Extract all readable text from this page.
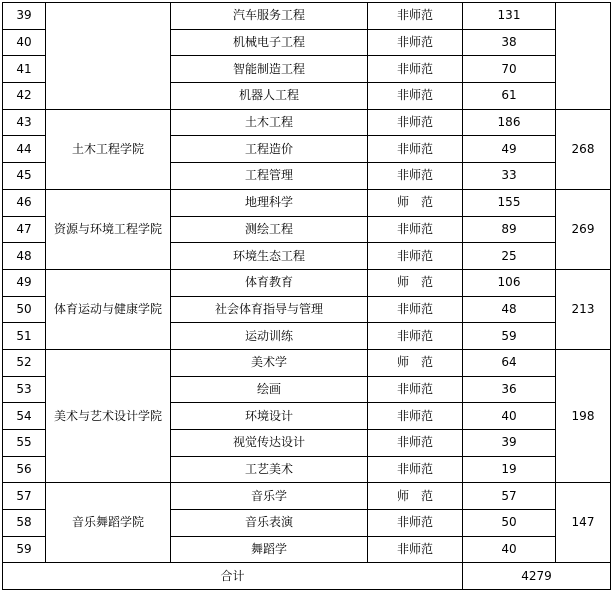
39		汽车服务工程	非师范	131	
40		机械电子工程	非师范	38	
41		智能制造工程	非师范	70	
42		机器人工程	非师范	61	
43	土木工程学院	土木工程	非师范	186	268
44		工程造价	非师范	49	
45		工程管理	非师范	33	
46	资源与环境工程学院	地理科学	师　范	155	269
47		测绘工程	非师范	89	
48		环境生态工程	非师范	25	
49	体育运动与健康学院	体育教育	师　范	106	213
50		社会体育指导与管理	非师范	48	
51		运动训练	非师范	59	
52	美术与艺术设计学院	美术学	师　范	64	198
53		绘画	非师范	36	
54		环境设计	非师范	40	
55		视觉传达设计	非师范	39	
56		工艺美术	非师范	19	
57	音乐舞蹈学院	音乐学	师　范	57	147
58		音乐表演	非师范	50	
59		舞蹈学	非师范	40	
合计				4279	
